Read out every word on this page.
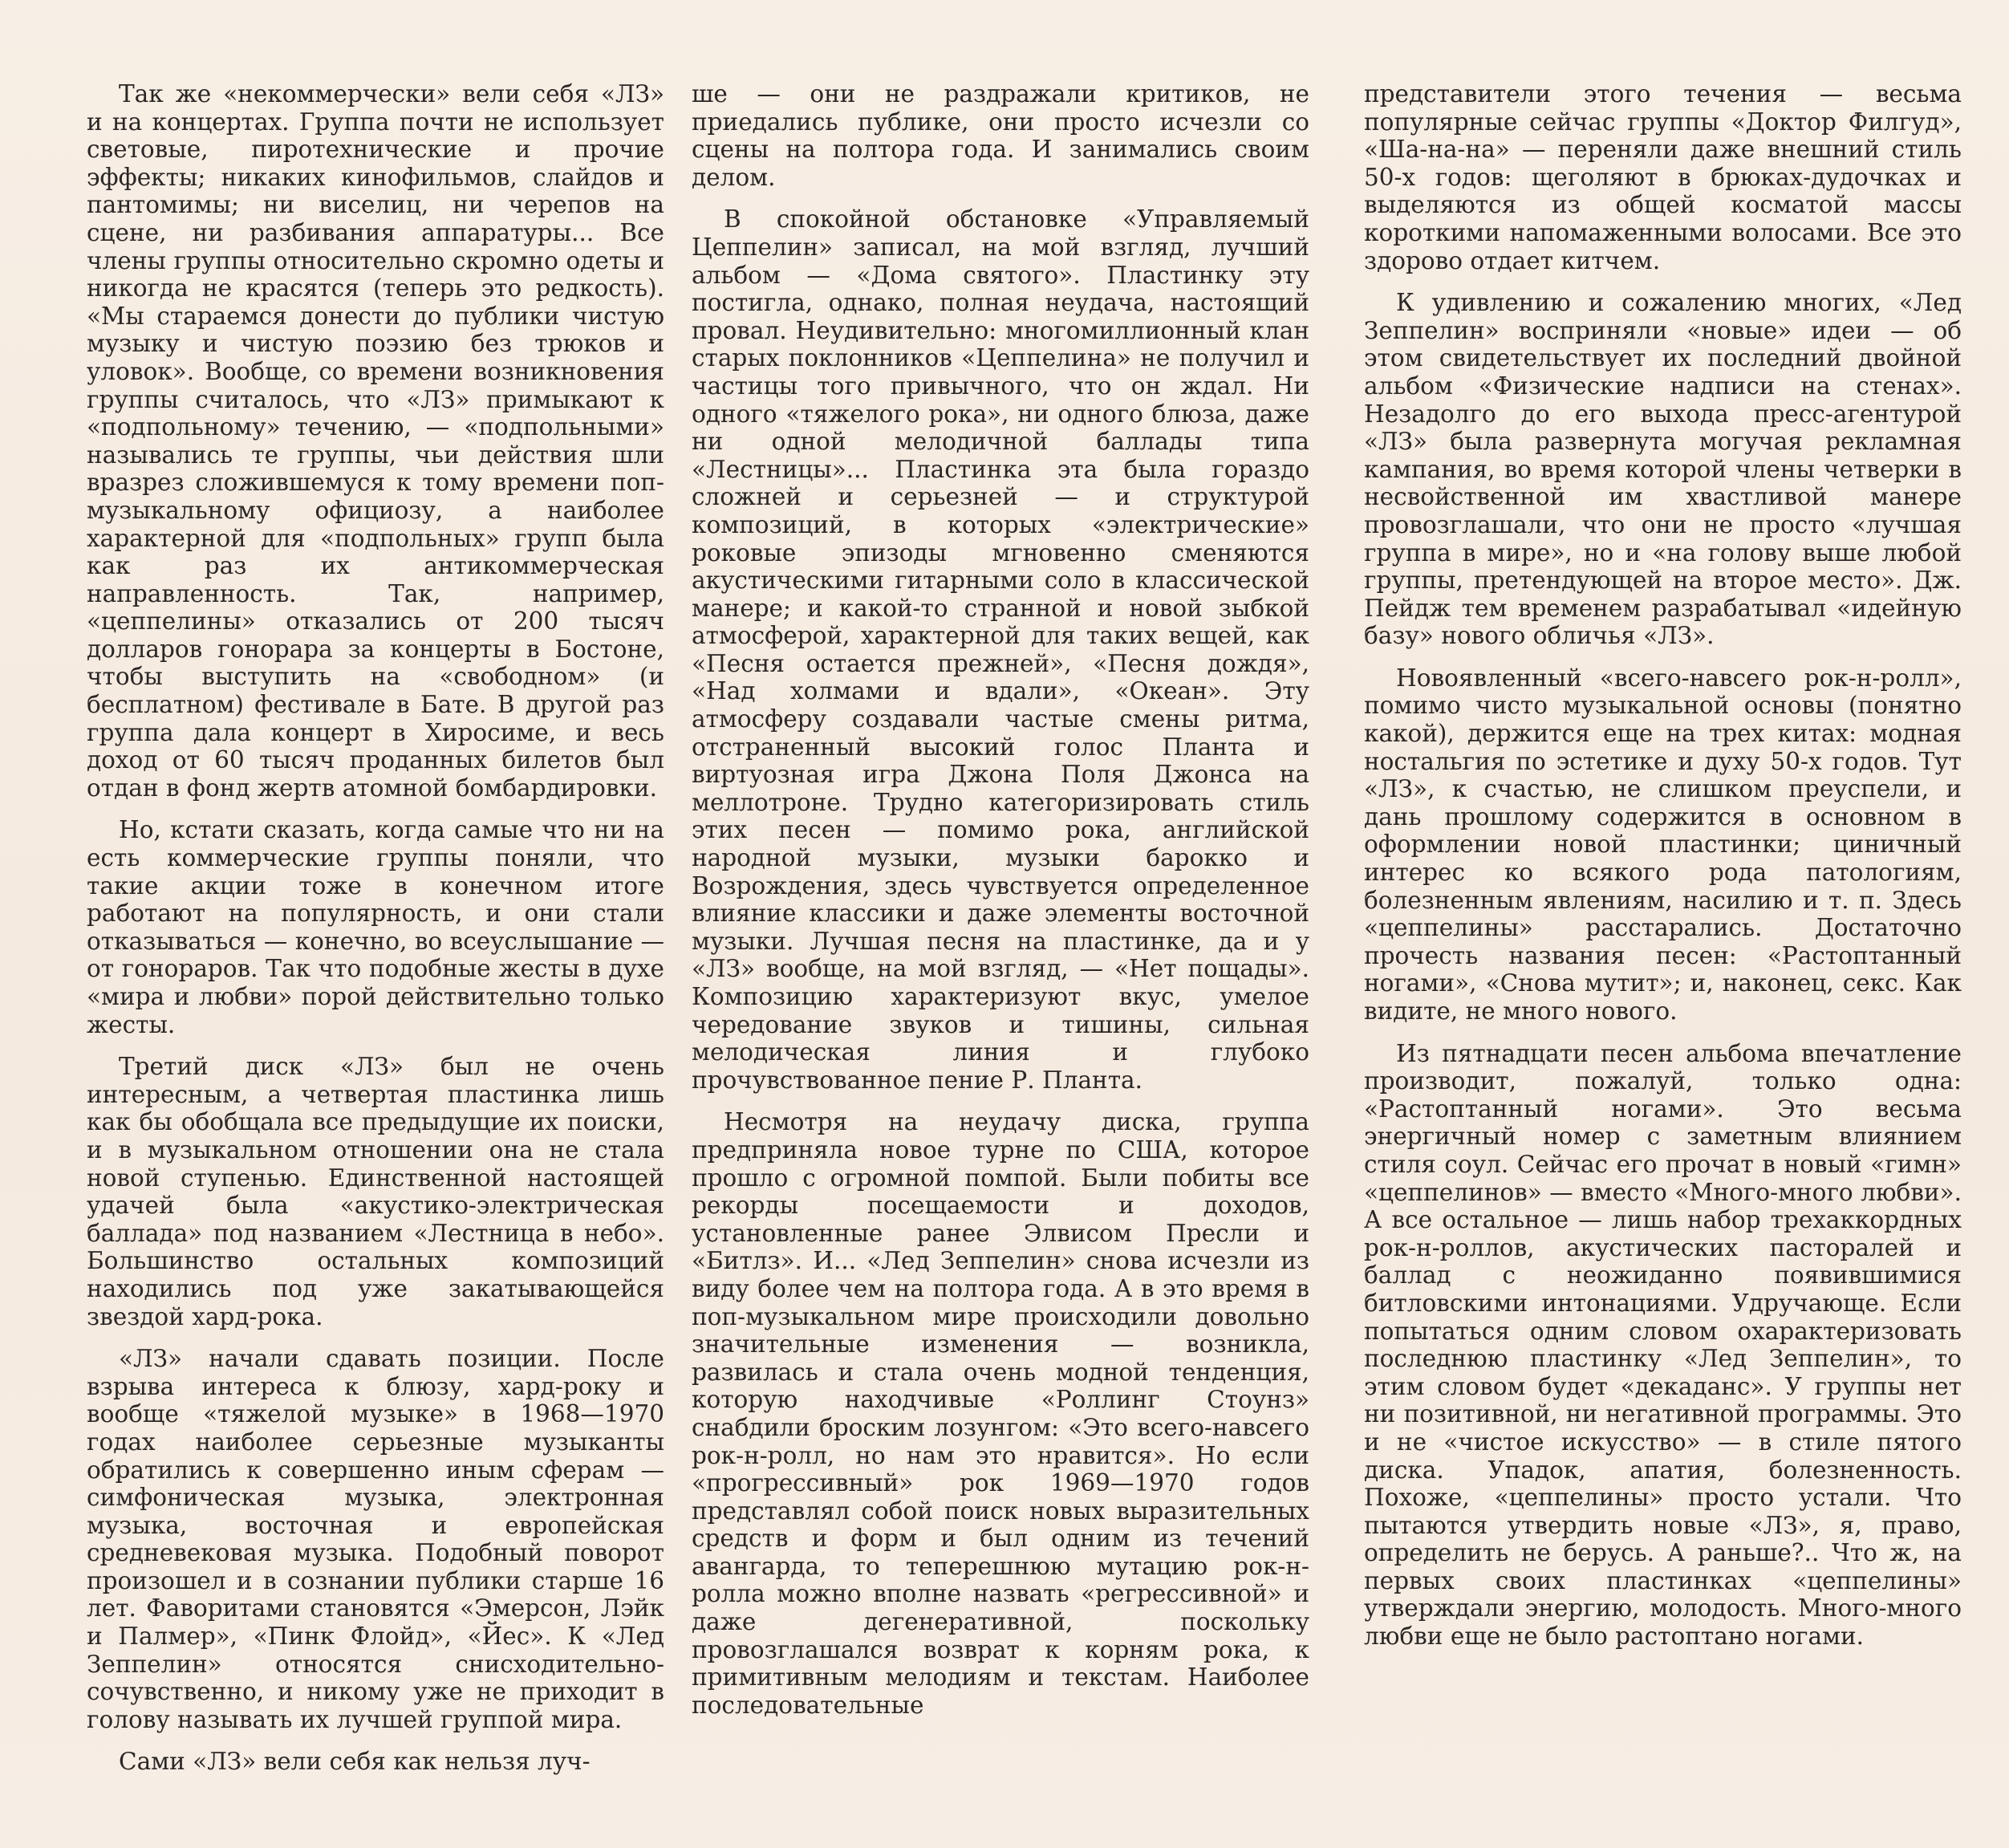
Так же «некоммерчески» вели себя «ЛЗ» и на концертах. Группа почти не использует световые, пиротехнические и прочие эффекты; никаких кинофильмов, слайдов и пантомимы; ни виселиц, ни черепов на сцене, ни разбивания аппаратуры... Все члены группы относительно скромно одеты и никогда не красятся (теперь это редкость). «Мы стараемся донести до публики чистую музыку и чистую поэзию без трюков и уловок». Вообще, со времени возникновения группы считалось, что «ЛЗ» примыкают к «подпольному» течению, — «подпольными» назывались те группы, чьи действия шли вразрез сложившемуся к тому времени поп-музыкальному официозу, а наиболее характерной для «подпольных» групп была как раз их антикоммерческая направленность. Так, например, «цеппелины» отказались от 200 тысяч долларов гонорара за концерты в Бостоне, чтобы выступить на «свободном» (и бесплатном) фестивале в Бате. В другой раз группа дала концерт в Хиросиме, и весь доход от 60 тысяч проданных билетов был отдан в фонд жертв атомной бомбардировки.

Но, кстати сказать, когда самые что ни на есть коммерческие группы поняли, что такие акции тоже в конечном итоге работают на популярность, и они стали отказываться — конечно, во всеуслышание — от гонораров. Так что подобные жесты в духе «мира и любви» порой действительно только жесты.

Третий диск «ЛЗ» был не очень интересным, а четвертая пластинка лишь как бы обобщала все предыдущие их поиски, и в музыкальном отношении она не стала новой ступенью. Единственной настоящей удачей была «акустико-электрическая баллада» под названием «Лестница в небо». Большинство остальных композиций находились под уже закатывающейся звездой хард-рока.

«ЛЗ» начали сдавать позиции. После взрыва интереса к блюзу, хард-року и вообще «тяжелой музыке» в 1968—1970 годах наиболее серьезные музыканты обратились к совершенно иным сферам — симфоническая музыка, электронная музыка, восточная и европейская средневековая музыка. Подобный поворот произошел и в сознании публики старше 16 лет. Фаворитами становятся «Эмерсон, Лэйк и Палмер», «Пинк Флойд», «Йес». К «Лед Зеппелин» относятся снисходительно-сочувственно, и никому уже не приходит в голову называть их лучшей группой мира.

Сами «ЛЗ» вели себя как нельзя луч-

ше — они не раздражали критиков, не приедались публике, они просто исчезли со сцены на полтора года. И занимались своим делом.

В спокойной обстановке «Управляемый Цеппелин» записал, на мой взгляд, лучший альбом — «Дома святого». Пластинку эту постигла, однако, полная неудача, настоящий провал. Неудивительно: многомиллионный клан старых поклонников «Цеппелина» не получил и частицы того привычного, что он ждал. Ни одного «тяжелого рока», ни одного блюза, даже ни одной мелодичной баллады типа «Лестницы»... Пластинка эта была гораздо сложней и серьезней — и структурой композиций, в которых «электрические» роковые эпизоды мгновенно сменяются акустическими гитарными соло в классической манере; и какой-то странной и новой зыбкой атмосферой, характерной для таких вещей, как «Песня остается прежней», «Песня дождя», «Над холмами и вдали», «Океан». Эту атмосферу создавали частые смены ритма, отстраненный высокий голос Планта и виртуозная игра Джона Поля Джонса на меллотроне. Трудно категоризировать стиль этих песен — помимо рока, английской народной музыки, музыки барокко и Возрождения, здесь чувствуется определенное влияние классики и даже элементы восточной музыки. Лучшая песня на пластинке, да и у «ЛЗ» вообще, на мой взгляд, — «Нет пощады». Композицию характеризуют вкус, умелое чередование звуков и тишины, сильная мелодическая линия и глубоко прочувствованное пение Р. Планта.

Несмотря на неудачу диска, группа предприняла новое турне по США, которое прошло с огромной помпой. Были побиты все рекорды посещаемости и доходов, установленные ранее Элвисом Пресли и «Битлз». И... «Лед Зеппелин» снова исчезли из виду более чем на полтора года. А в это время в поп-музыкальном мире происходили довольно значительные изменения — возникла, развилась и стала очень модной тенденция, которую находчивые «Роллинг Стоунз» снабдили броским лозунгом: «Это всего-навсего рок-н-ролл, но нам это нравится». Но если «прогрессивный» рок 1969—1970 годов представлял собой поиск новых выразительных средств и форм и был одним из течений авангарда, то теперешнюю мутацию рок-н-ролла можно вполне назвать «регрессивной» и даже дегенеративной, поскольку провозглашался возврат к корням рока, к примитивным мелодиям и текстам. Наиболее последовательные

представители этого течения — весьма популярные сейчас группы «Доктор Филгуд», «Ша-на-на» — переняли даже внешний стиль 50-х годов: щеголяют в брюках-дудочках и выделяются из общей косматой массы короткими напомаженными волосами. Все это здорово отдает китчем.

К удивлению и сожалению многих, «Лед Зеппелин» восприняли «новые» идеи — об этом свидетельствует их последний двойной альбом «Физические надписи на стенах». Незадолго до его выхода пресс-агентурой «ЛЗ» была развернута могучая рекламная кампания, во время которой члены четверки в несвойственной им хвастливой манере провозглашали, что они не просто «лучшая группа в мире», но и «на голову выше любой группы, претендующей на второе место». Дж. Пейдж тем временем разрабатывал «идейную базу» нового обличья «ЛЗ».

Новоявленный «всего-навсего рок-н-ролл», помимо чисто музыкальной основы (понятно какой), держится еще на трех китах: модная ностальгия по эстетике и духу 50-х годов. Тут «ЛЗ», к счастью, не слишком преуспели, и дань прошлому содержится в основном в оформлении новой пластинки; циничный интерес ко всякого рода патологиям, болезненным явлениям, насилию и т. п. Здесь «цеппелины» расстарались. Достаточно прочесть названия песен: «Растоптанный ногами», «Снова мутит»; и, наконец, секс. Как видите, не много нового.

Из пятнадцати песен альбома впечатление производит, пожалуй, только одна: «Растоптанный ногами». Это весьма энергичный номер с заметным влиянием стиля соул. Сейчас его прочат в новый «гимн» «цеппелинов» — вместо «Много-много любви». А все остальное — лишь набор трехаккордных рок-н-роллов, акустических пасторалей и баллад с неожиданно появившимися битловскими интонациями. Удручающе. Если попытаться одним словом охарактеризовать последнюю пластинку «Лед Зеппелин», то этим словом будет «декаданс». У группы нет ни позитивной, ни негативной программы. Это и не «чистое искусство» — в стиле пятого диска. Упадок, апатия, болезненность. Похоже, «цеппелины» просто устали. Что пытаются утвердить новые «ЛЗ», я, право, определить не берусь. А раньше?.. Что ж, на первых своих пластинках «цеппелины» утверждали энергию, молодость. Много-много любви еще не было растоптано ногами.
